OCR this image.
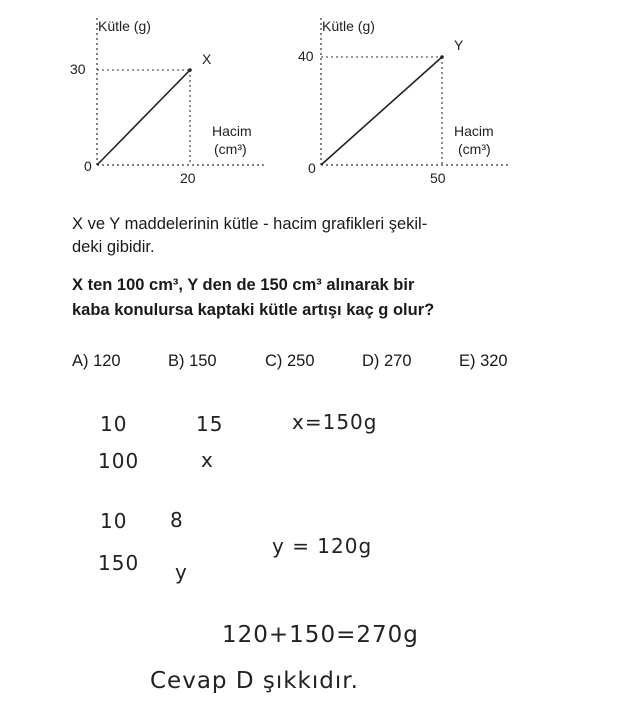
Kütle (g)
30
0
20
X
Hacim
(cm³)
Kütle (g)
40
0
50
Y
Hacim
(cm³)
X ve Y maddelerinin kütle - hacim grafikleri şekil-
deki gibidir.
X ten 100 cm³, Y den de 150 cm³ alınarak bir
kaba konulursa kaptaki kütle artışı kaç g olur?
A) 120	B) 150	C) 250	D) 270	E) 320
10	15	x=150g
100	x
10 8
y = 120g
150 y
120+150=270g
Cevap D şıkkıdır.
